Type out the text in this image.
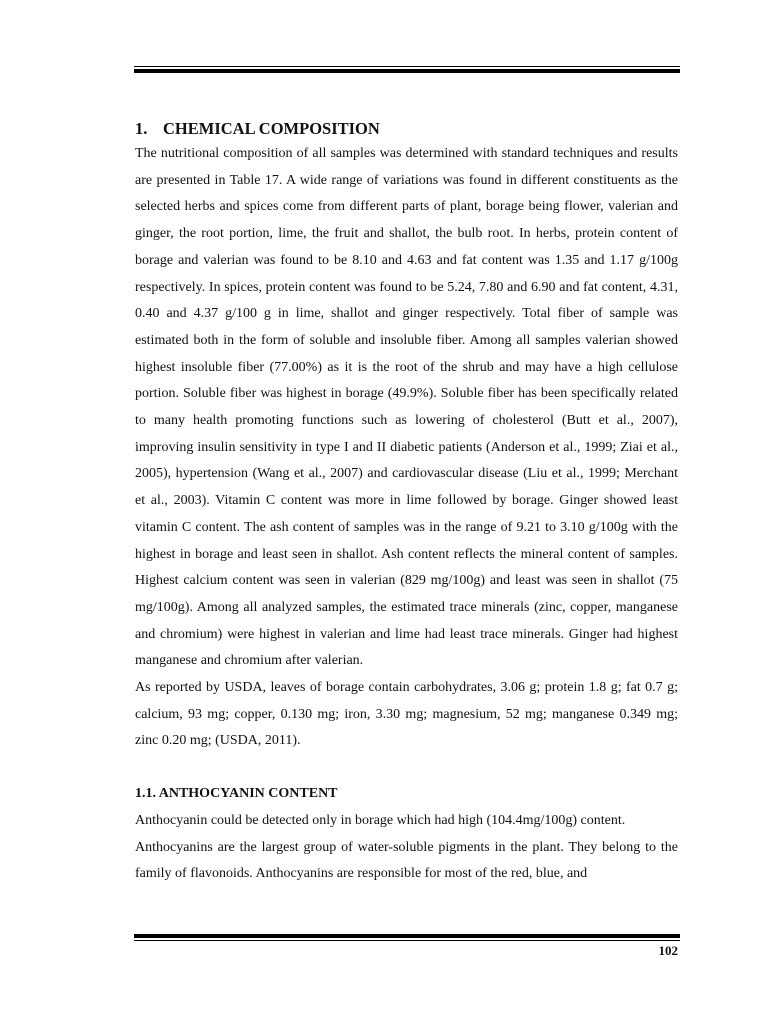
1. CHEMICAL COMPOSITION

The nutritional composition of all samples was determined with standard techniques and results are presented in Table 17. A wide range of variations was found in different constituents as the selected herbs and spices come from different parts of plant, borage being flower, valerian and ginger, the root portion, lime, the fruit and shallot, the bulb root. In herbs, protein content of borage and valerian was found to be 8.10 and 4.63 and fat content was 1.35 and 1.17 g/100g respectively. In spices, protein content was found to be 5.24, 7.80 and 6.90 and fat content, 4.31, 0.40 and 4.37 g/100 g in lime, shallot and ginger respectively. Total fiber of sample was estimated both in the form of soluble and insoluble fiber. Among all samples valerian showed highest insoluble fiber (77.00%) as it is the root of the shrub and may have a high cellulose portion. Soluble fiber was highest in borage (49.9%). Soluble fiber has been specifically related to many health promoting functions such as lowering of cholesterol (Butt et al., 2007), improving insulin sensitivity in type I and II diabetic patients (Anderson et al., 1999; Ziai et al., 2005), hypertension (Wang et al., 2007) and cardiovascular disease (Liu et al., 1999; Merchant et al., 2003). Vitamin C content was more in lime followed by borage. Ginger showed least vitamin C content. The ash content of samples was in the range of 9.21 to 3.10 g/100g with the highest in borage and least seen in shallot. Ash content reflects the mineral content of samples. Highest calcium content was seen in valerian (829 mg/100g) and least was seen in shallot (75 mg/100g). Among all analyzed samples, the estimated trace minerals (zinc, copper, manganese and chromium) were highest in valerian and lime had least trace minerals. Ginger had highest manganese and chromium after valerian.

As reported by USDA, leaves of borage contain carbohydrates, 3.06 g; protein 1.8 g; fat 0.7 g; calcium, 93 mg; copper, 0.130 mg; iron, 3.30 mg; magnesium, 52 mg; manganese 0.349 mg; zinc 0.20 mg; (USDA, 2011).

1.1. ANTHOCYANIN CONTENT

Anthocyanin could be detected only in borage which had high (104.4mg/100g) content.

Anthocyanins are the largest group of water-soluble pigments in the plant. They belong to the family of flavonoids. Anthocyanins are responsible for most of the red, blue, and

102
